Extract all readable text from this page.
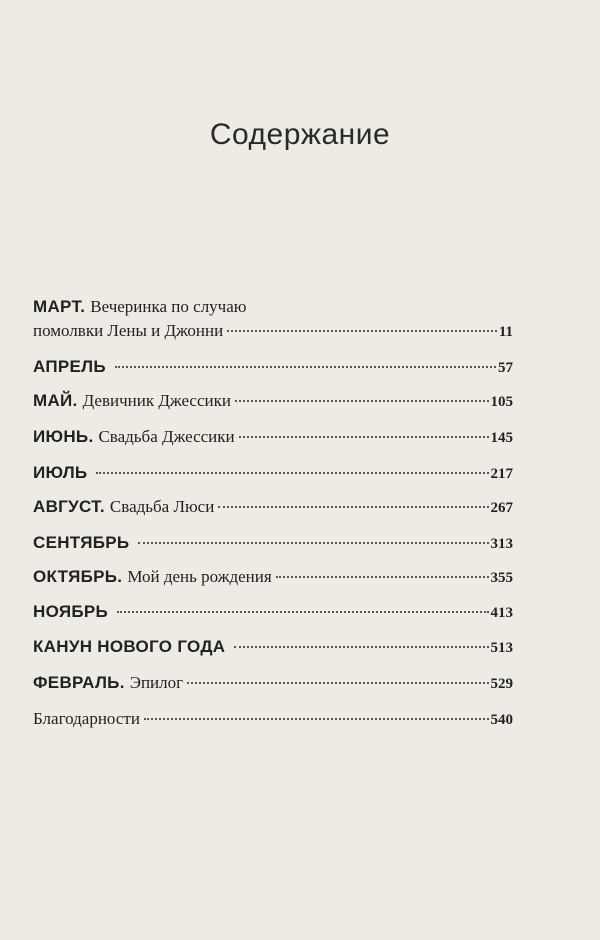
Содержание
МАРТ. Вечеринка по случаю
помолвки Лены и Джонни	11
АПРЕЛЬ	57
МАЙ. Девичник Джессики	105
ИЮНЬ. Свадьба Джессики	145
ИЮЛЬ	217
АВГУСТ. Свадьба Люси	267
СЕНТЯБРЬ	313
ОКТЯБРЬ. Мой день рождения	355
НОЯБРЬ	413
КАНУН НОВОГО ГОДА	513
ФЕВРАЛЬ. Эпилог	529
Благодарности	540
